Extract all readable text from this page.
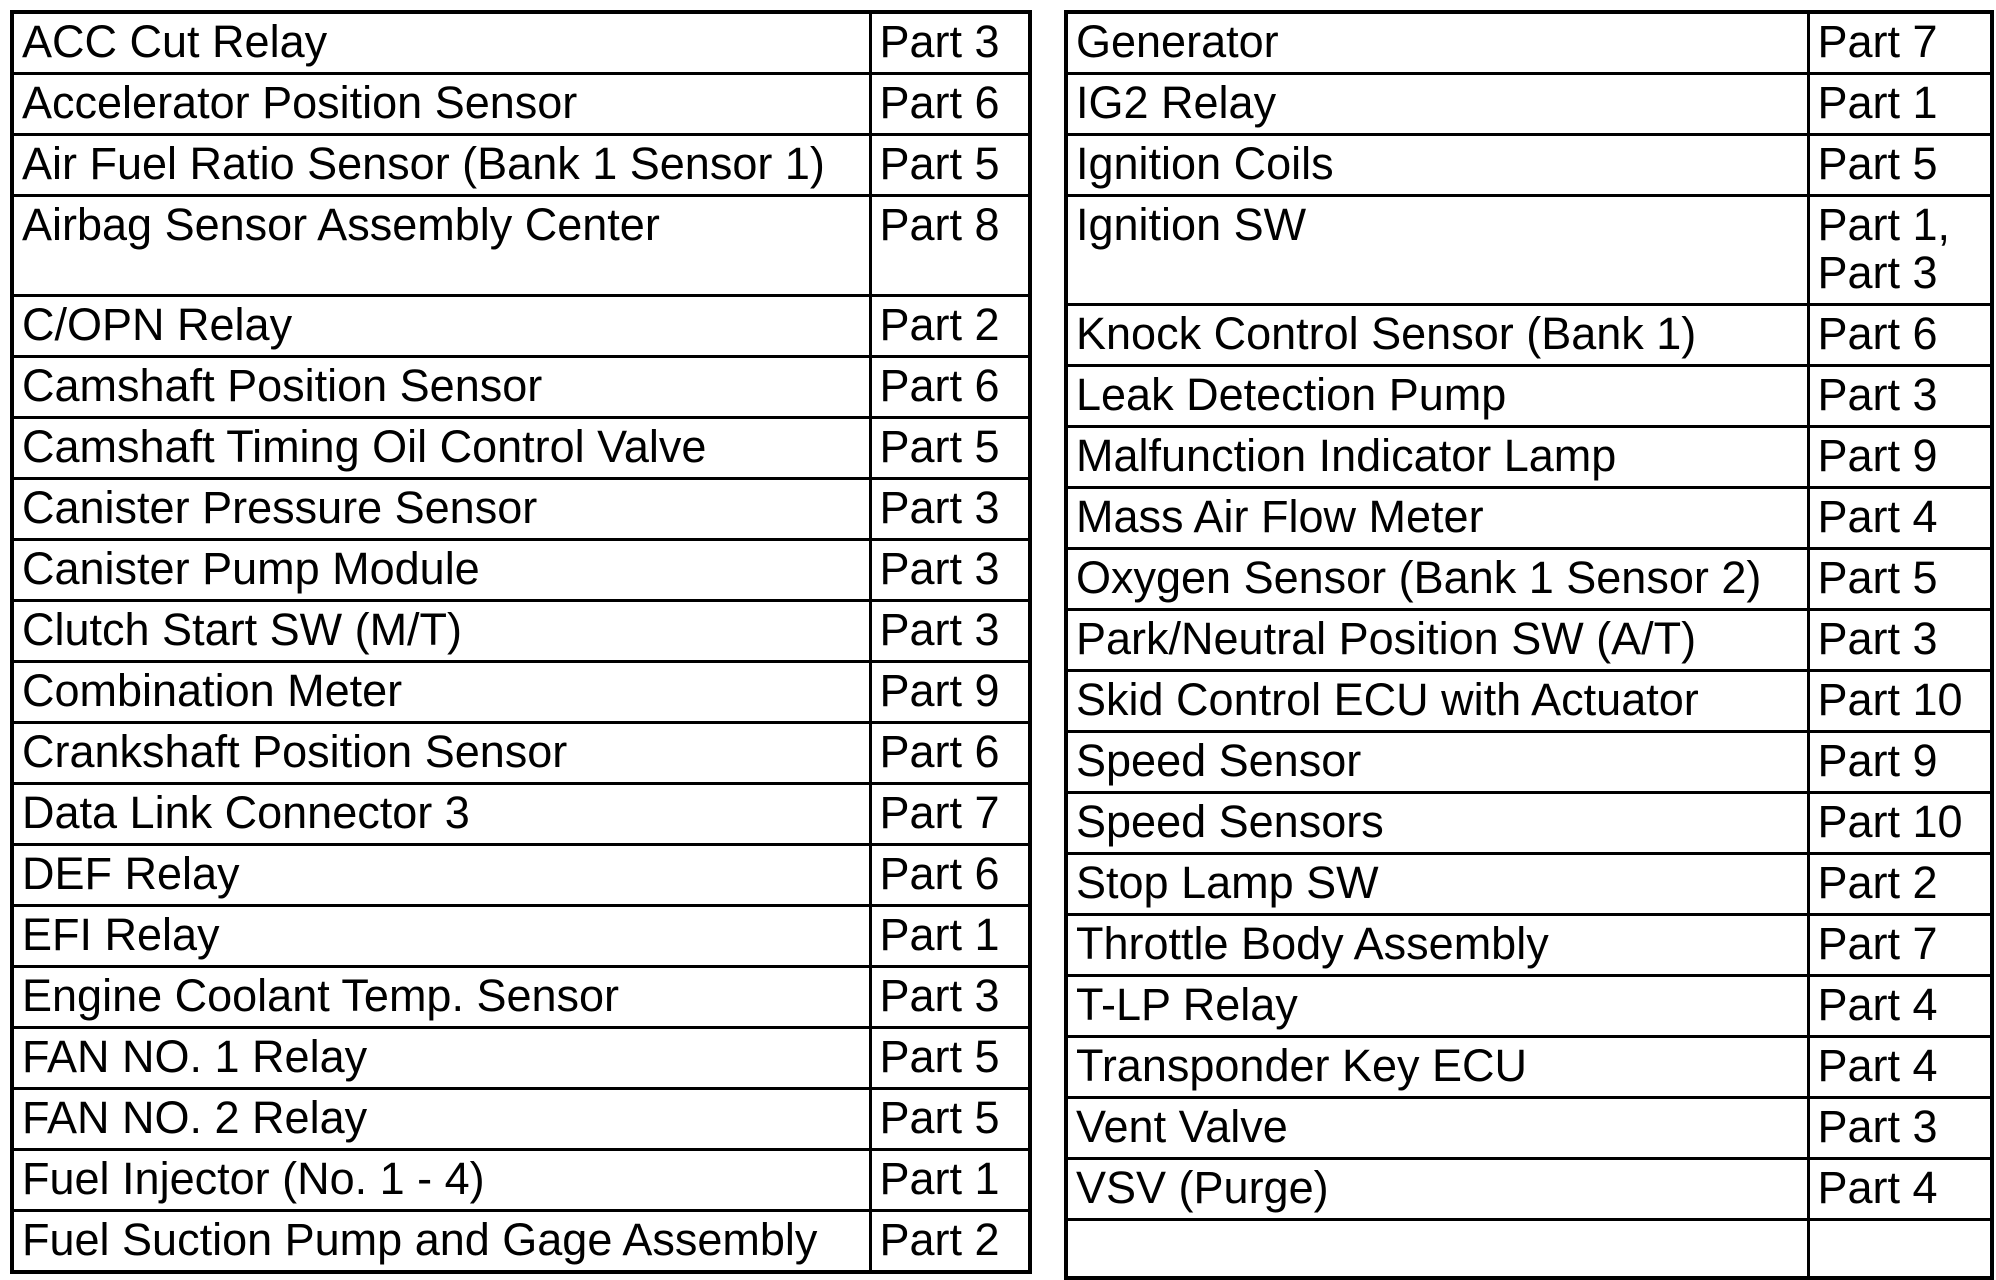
ACC Cut Relay	Part 3
Accelerator Position Sensor	Part 6
Air Fuel Ratio Sensor (Bank 1 Sensor 1)	Part 5
Airbag Sensor Assembly Center	Part 8
C/OPN Relay	Part 2
Camshaft Position Sensor	Part 6
Camshaft Timing Oil Control Valve	Part 5
Canister Pressure Sensor	Part 3
Canister Pump Module	Part 3
Clutch Start SW (M/T)	Part 3
Combination Meter	Part 9
Crankshaft Position Sensor	Part 6
Data Link Connector 3	Part 7
DEF Relay	Part 6
EFI Relay	Part 1
Engine Coolant Temp. Sensor	Part 3
FAN NO. 1 Relay	Part 5
FAN NO. 2 Relay	Part 5
Fuel Injector (No. 1 - 4)	Part 1
Fuel Suction Pump and Gage Assembly	Part 2
Generator	Part 7
IG2 Relay	Part 1
Ignition Coils	Part 5
Ignition SW	Part 1,
Part 3

Knock Control Sensor (Bank 1)	Part 6
Leak Detection Pump	Part 3
Malfunction Indicator Lamp	Part 9
Mass Air Flow Meter	Part 4
Oxygen Sensor (Bank 1 Sensor 2)	Part 5
Park/Neutral Position SW (A/T)	Part 3
Skid Control ECU with Actuator	Part 10
Speed Sensor	Part 9
Speed Sensors	Part 10
Stop Lamp SW	Part 2
Throttle Body Assembly	Part 7
T-LP Relay	Part 4
Transponder Key ECU	Part 4
Vent Valve	Part 3
VSV (Purge)	Part 4
